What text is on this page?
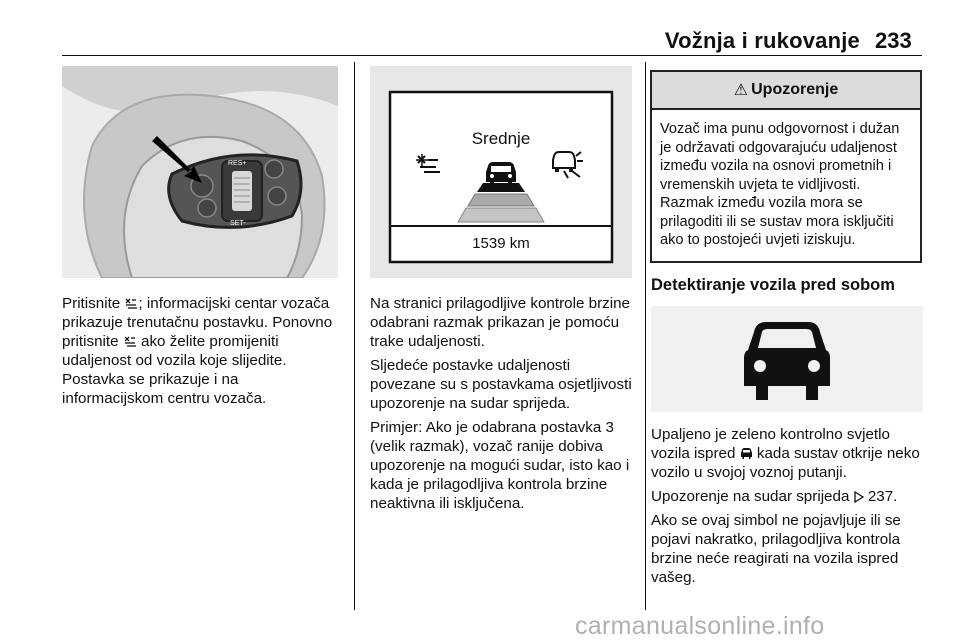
Vožnja i rukovanje 233
RES+
SET-

Pritisnite ; informacijski centar vozača prikazuje trenutačnu postavku. Ponovno pritisnite  ako želite promijeniti udaljenost od vozila koje slijedite. Postavka se prikazuje i na informacijskom centru vozača.

Srednje
1539 km

Na stranici prilagodljive kontrole brzine odabrani razmak prikazan je pomoću trake udaljenosti.

Sljedeće postavke udaljenosti povezane su s postavkama osjetljivosti upozorenje na sudar sprijeda.

Primjer: Ako je odabrana postavka 3 (velik razmak), vozač ranije dobiva upozorenje na mogući sudar, isto kao i kada je prilagodljiva kontrola brzine neaktivna ili isključena.

⚠ Upozorenje
Vozač ima punu odgovornost i dužan je održavati odgovarajuću udaljenost između vozila na osnovi prometnih i vremenskih uvjeta te vidljivosti. Razmak između vozila mora se prilagoditi ili se sustav mora isključiti ako to postojeći uvjeti iziskuju.
Detektiranje vozila pred sobom

Upaljeno je zeleno kontrolno svjetlo vozila ispred  kada sustav otkrije neko vozilo u svojoj voznoj putanji.

Upozorenje na sudar sprijeda  237.

Ako se ovaj simbol ne pojavljuje ili se pojavi nakratko, prilagodljiva kontrola brzine neće reagirati na vozila ispred vašeg.

carmanualsonline.info
